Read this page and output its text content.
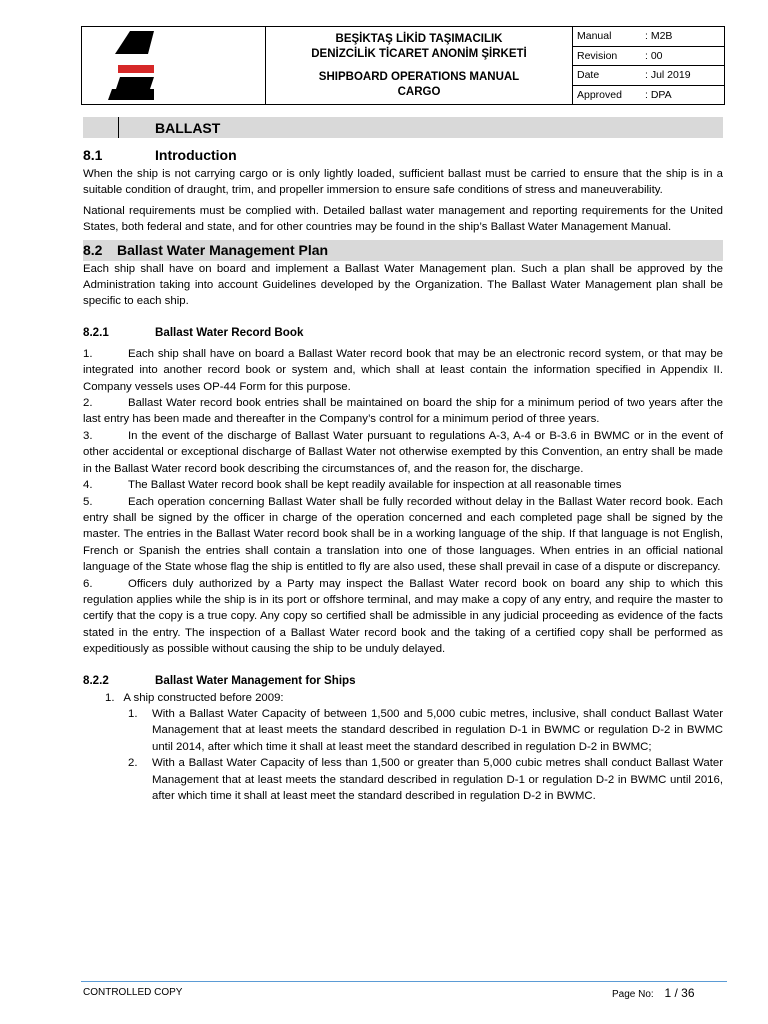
BEŞİKTAŞ LİKİD TAŞIMACILIK
DENİZCİLİK TİCARET ANONİM ŞİRKETİ
SHIPBOARD OPERATIONS MANUAL
CARGO
Manual	: M2B
Revision	: 00
Date	: Jul 2019
Approved	: DPA
BALLAST
8.1	Introduction

When the ship is not carrying cargo or is only lightly loaded, sufficient ballast must be carried to ensure that the ship is in a suitable condition of draught, trim, and propeller immersion to ensure safe conditions of stress and maneuverability.

National requirements must be complied with. Detailed ballast water management and reporting requirements for the United States, both federal and state, and for other countries may be found in the ship’s Ballast Water Management Manual.

8.2	Ballast Water Management Plan

Each ship shall have on board and implement a Ballast Water Management plan. Such a plan shall be approved by the Administration taking into account Guidelines developed by the Organization. The Ballast Water Management plan shall be specific to each ship.

8.2.1	Ballast Water Record Book

1.	Each ship shall have on board a Ballast Water record book that may be an electronic record system, or that may be integrated into another record book or system and, which shall at least contain the information specified in Appendix II. Company vessels uses OP-44 Form for this purpose.

2.	Ballast Water record book entries shall be maintained on board the ship for a minimum period of two years after the last entry has been made and thereafter in the Company’s control for a minimum period of three years.

3.	In the event of the discharge of Ballast Water pursuant to regulations A-3, A-4 or B-3.6 in BWMC or in the event of other accidental or exceptional discharge of Ballast Water not otherwise exempted by this Convention, an entry shall be made in the Ballast Water record book describing the circumstances of, and the reason for, the discharge.

4.	The Ballast Water record book shall be kept readily available for inspection at all reasonable times

5.	Each operation concerning Ballast Water shall be fully recorded without delay in the Ballast Water record book. Each entry shall be signed by the officer in charge of the operation concerned and each completed page shall be signed by the master. The entries in the Ballast Water record book shall be in a working language of the ship. If that language is not English, French or Spanish the entries shall contain a translation into one of those languages. When entries in an official national language of the State whose flag the ship is entitled to fly are also used, these shall prevail in case of a dispute or discrepancy.

6.	Officers duly authorized by a Party may inspect the Ballast Water record book on board any ship to which this regulation applies while the ship is in its port or offshore terminal, and may make a copy of any entry, and require the master to certify that the copy is a true copy. Any copy so certified shall be admissible in any judicial proceeding as evidence of the facts stated in the entry. The inspection of a Ballast Water record book and the taking of a certified copy shall be performed as expeditiously as possible without causing the ship to be unduly delayed.

8.2.2	Ballast Water Management for Ships
1.   A ship constructed before 2009:
1.	With a Ballast Water Capacity of between 1,500 and 5,000 cubic metres, inclusive, shall conduct Ballast Water Management that at least meets the standard described in regulation D-1 in BWMC or regulation D-2 in BWMC until 2014, after which time it shall at least meet the standard described in regulation D-2 in BWMC;
2.	With a Ballast Water Capacity of less than 1,500 or greater than 5,000 cubic metres shall conduct Ballast Water Management that at least meets the standard described in regulation D-1 or regulation D-2 in BWMC until 2016, after which time it shall at least meet the standard described in regulation D-2 in BWMC.
CONTROLLED COPY	Page No: 1 / 36
